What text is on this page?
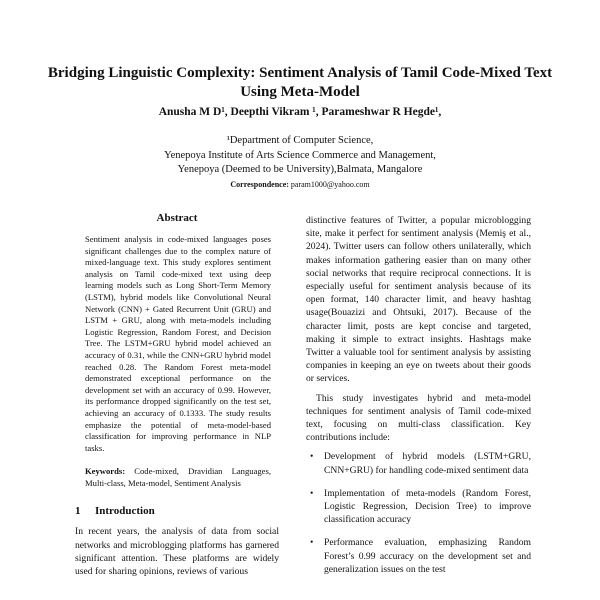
Bridging Linguistic Complexity: Sentiment Analysis of Tamil Code-Mixed Text Using Meta-Model
Anusha M D¹, Deepthi Vikram ¹, Parameshwar R Hegde¹,
¹Department of Computer Science,
Yenepoya Institute of Arts Science Commerce and Management,
Yenepoya (Deemed to be University),Balmata, Mangalore
Correspondence: param1000@yahoo.com
Abstract

Sentiment analysis in code-mixed languages poses significant challenges due to the complex nature of mixed-language text. This study explores sentiment analysis on Tamil code-mixed text using deep learning models such as Long Short-Term Memory (LSTM), hybrid models like Convolutional Neural Network (CNN) + Gated Recurrent Unit (GRU) and LSTM + GRU, along with meta-models including Logistic Regression, Random Forest, and Decision Tree. The LSTM+GRU hybrid model achieved an accuracy of 0.31, while the CNN+GRU hybrid model reached 0.28. The Random Forest meta-model demonstrated exceptional performance on the development set with an accuracy of 0.99. However, its performance dropped significantly on the test set, achieving an accuracy of 0.1333. The study results emphasize the potential of meta-model-based classification for improving performance in NLP tasks.

Keywords: Code-mixed, Dravidian Languages, Multi-class, Meta-model, Sentiment Analysis

1 Introduction

In recent years, the analysis of data from social networks and microblogging platforms has garnered significant attention. These platforms are widely used for sharing opinions, reviews of various

distinctive features of Twitter, a popular microblogging site, make it perfect for sentiment analysis (Memiş et al., 2024). Twitter users can follow others unilaterally, which makes information gathering easier than on many other social networks that require reciprocal connections. It is especially useful for sentiment analysis because of its open format, 140 character limit, and heavy hashtag usage(Bouazizi and Ohtsuki, 2017). Because of the character limit, posts are kept concise and targeted, making it simple to extract insights. Hashtags make Twitter a valuable tool for sentiment analysis by assisting companies in keeping an eye on tweets about their goods or services.

This study investigates hybrid and meta-model techniques for sentiment analysis of Tamil code-mixed text, focusing on multi-class classification. Key contributions include:

• Development of hybrid models (LSTM+GRU, CNN+GRU) for handling code-mixed sentiment data
• Implementation of meta-models (Random Forest, Logistic Regression, Decision Tree) to improve classification accuracy
• Performance evaluation, emphasizing Random Forest’s 0.99 accuracy on the development set and generalization issues on the test
